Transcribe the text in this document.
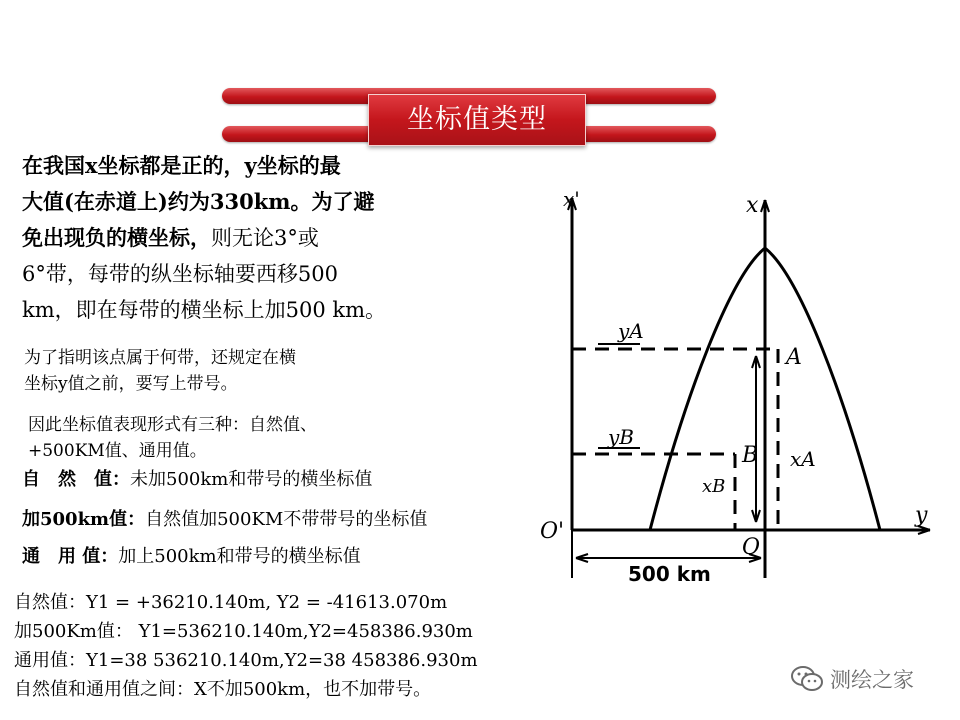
坐标值类型
在我国x坐标都是正的，y坐标的最
大值(在赤道上)约为330km。为了避
免出现负的横坐标，则无论3°或
6°带，每带的纵坐标轴要西移500
km，即在每带的横坐标上加500 km。
为了指明该点属于何带，还规定在横
坐标y值之前，要写上带号。
因此坐标值表现形式有三种：自然值、
+500KM值、通用值。
自　然　值：未加500km和带号的横坐标值
加500km值：自然值加500KM不带带号的坐标值
通　用 值：加上500km和带号的横坐标值
自然值：Y1 = +36210.140m, Y2 = -41613.070m
加500Km值： Y1=536210.140m,Y2=458386.930m
通用值：Y1=38 536210.140m,Y2=38 458386.930m
自然值和通用值之间：X不加500km，也不加带号。
x'	x
y
O'
O
yA
yB
A
B xA
xB
500 km
测绘之家
